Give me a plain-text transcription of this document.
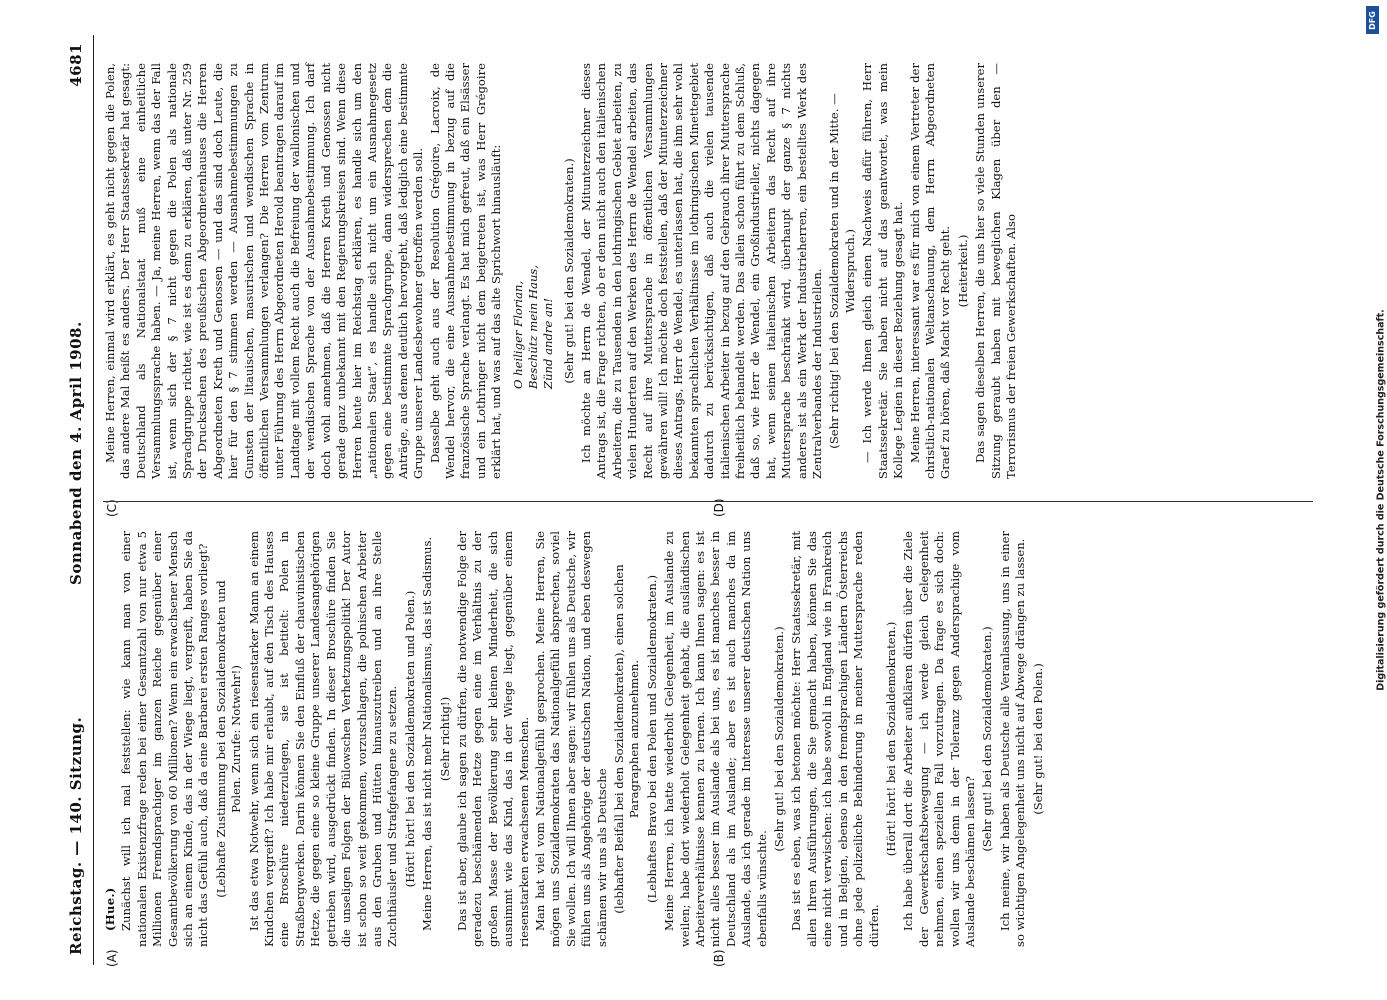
Reichstag. — 140. Sitzung.
Sonnabend den 4. April 1908.
4681
(A)	(B)
(C)	(D)

(Hue.) Zunächst will ich mal feststellen: wie kann man von einer nationalen Existenzfrage reden bei einer Gesamtzahl von nur etwa 5 Millionen Fremdsprachiger im ganzen Reiche gegenüber einer Gesamtbevölkerung von 60 Millionen? Wenn ein erwachsener Mensch sich an einem Kinde, das in der Wiege liegt, vergreift, haben Sie da nicht das Gefühl auch, daß da eine Barbarei ersten Ranges vorliegt? (Lebhafte Zustimmung bei den Sozialdemokraten und Polen. Zurufe: Notwehr!) Ist das etwa Notwehr, wenn sich ein riesenstarker Mann an einem Kindchen vergreift? Ich habe mir erlaubt, auf den Tisch des Hauses eine Broschüre niederzulegen, sie ist betitelt: Polen in Straßbergwerken. Darin können Sie den Einfluß der chauvinistischen Hetze, die gegen eine so kleine Gruppe unserer Landesangehörigen getrieben wird, ausgedrückt finden. In dieser Broschüre finden Sie die unseligen Folgen der Bülowschen Verhetzungspolitik! Der Autor ist schon so weit gekommen, vorzuschlagen, die polnischen Arbeiter aus den Gruben und Hütten hinauszutreiben und an ihre Stelle Zuchthäusler und Strafgefangene zu setzen. (Hört! hört! bei den Sozialdemokraten und Polen.) Meine Herren, das ist nicht mehr Nationalismus, das ist Sadismus. (Sehr richtig!) Das ist aber, glaube ich sagen zu dürfen, die notwendige Folge der geradezu beschämenden Hetze gegen eine im Verhältnis zu der großen Masse der Bevölkerung sehr kleinen Minderheit, die sich ausnimmt wie das Kind, das in der Wiege liegt, gegenüber einem riesenstarken erwachsenen Menschen. Man hat viel vom Nationalgefühl gesprochen. Meine Herren, Sie mögen uns Sozialdemokraten das Nationalgefühl absprechen, soviel Sie wollen. Ich will Ihnen aber sagen: wir fühlen uns als Deutsche, wir fühlen uns als Angehörige der deutschen Nation, und eben deswegen schämen wir uns als Deutsche (lebhafter Beifall bei den Sozialdemokraten), einen solchen Paragraphen anzunehmen. (Lebhaftes Bravo bei den Polen und Sozialdemokraten.) Meine Herren, ich hatte wiederholt Gelegenheit, im Auslande zu weilen; habe dort wiederholt Gelegenheit gehabt, die ausländischen Arbeiterverhältnisse kennen zu lernen. Ich kann Ihnen sagen: es ist nicht alles besser im Auslande als bei uns, es ist manches besser in Deutschland als im Auslande; aber es ist auch manches da im Auslande, das ich gerade im Interesse unserer deutschen Nation uns ebenfalls wünschte.

(Sehr gut! bei den Sozialdemokraten.) Das ist es eben, was ich betonen möchte: Herr Staatssekretär, mit allen Ihren Ausführungen, die Sie gemacht haben, können Sie das eine nicht verwischen: ich habe sowohl in England wie in Frankreich und in Belgien, ebenso in den fremdsprachigen Ländern Österreichs ohne jede polizeiliche Behinderung in meiner Muttersprache reden dürfen.

(Hört! hört! bei den Sozialdemokraten.) Ich habe überall dort die Arbeiter aufklären dürfen über die Ziele der Gewerkschaftsbewegung — ich werde gleich Gelegenheit nehmen, einen speziellen Fall vorzutragen. Da frage es sich doch: wollen wir uns denn in der Toleranz gegen Andersprachige vom Auslande beschämen lassen?

(Sehr gut! bei den Sozialdemokraten.) Ich meine, wir haben als Deutsche alle Veranlassung, uns in einer so wichtigen Angelegenheit uns nicht auf Abwege drängen zu lassen. (Sehr gut! bei den Polen.)

Meine Herren, einmal wird erklärt, es geht nicht gegen die Polen, das andere Mal heißt es anders. Der Herr Staatssekretär hat gesagt: Deutschland als Nationalstaat muß eine einheitliche Versammlungssprache haben. — Ja, meine Herren, wenn das der Fall ist, wenn sich der § 7 nicht gegen die Polen als nationale Sprachgruppe richtet, wie ist es denn zu erklären, daß unter Nr. 259 der Drucksachen des preußischen Abgeordnetenhauses die Herren Abgeordneten Kreth und Genossen — und das sind doch Leute, die hier für den § 7 stimmen werden — Ausnahmebestimmungen zu Gunsten der litauischen, masurischen und wendischen Sprache in öffentlichen Versammlungen verlangen? Die Herren vom Zentrum unter Führung des Herrn Abgeordneten Herold beantragen darauf im Landtage mit vollem Recht auch die Befreiung der wallonischen und der wendischen Sprache von der Ausnahmebestimmung. Ich darf doch wohl annehmen, daß die Herren Kreth und Genossen nicht gerade ganz unbekannt mit den Regierungskreisen sind. Wenn diese Herren heute hier im Reichstag erklären, es handle sich um den „nationalen Staat“, es handle sich nicht um ein Ausnahmegesetz gegen eine bestimmte Sprachgruppe, dann widersprechen dem die Anträge, aus denen deutlich hervorgeht, daß lediglich eine bestimmte Gruppe unserer Landesbewohner getroffen werden soll. Dasselbe geht auch aus der Resolution Grégoire, Lacroix, de Wendel hervor, die eine Ausnahmebestimmung in bezug auf die französische Sprache verlangt. Es hat mich gefreut, daß ein Elsässer und ein Lothringer nicht dem beigetreten ist, was Herr Grégoire erklärt hat, und was auf das alte Sprichwort hinausläuft: O heiliger Florian, Beschütz mein Haus, Zünd andre an! (Sehr gut! bei den Sozialdemokraten.) Ich möchte an Herrn de Wendel, der Mitunterzeichner dieses Antrags ist, die Frage richten, ob er denn nicht auch den italienischen Arbeitern, die zu Tausenden in den lothringischen Gebiet arbeiten, zu vielen Hunderten auf den Werken des Herrn de Wendel arbeiten, das Recht auf ihre Muttersprache in öffentlichen Versammlungen gewähren will! Ich möchte doch feststellen, daß der Mitunterzeichner dieses Antrags, Herr de Wendel, es unterlassen hat, die ihm sehr wohl bekannten sprachlichen Verhältnisse im lothringischen Minettegebiet dadurch zu berücksichtigen, daß auch die vielen tausende italienischen Arbeiter in bezug auf den Gebrauch ihrer Muttersprache freiheitlich behandelt werden. Das allein schon führt zu dem Schluß, daß so, wie Herr de Wendel, ein Großindustrieller, nichts dagegen hat, wenn seinen italienischen Arbeitern das Recht auf ihre Muttersprache beschränkt wird, überhaupt der ganze § 7 nichts anderes ist als ein Werk der Industrieherren, ein bestelltes Werk des Zentralverbandes der Industriellen. (Sehr richtig! bei den Sozialdemokraten und in der Mitte. — Widerspruch.) — Ich werde Ihnen gleich einen Nachweis dafür führen, Herr Staatssekretär. Sie haben nicht auf das geantwortet, was mein Kollege Legien in dieser Beziehung gesagt hat. Meine Herren, interessant war es für mich von einem Vertreter der christlich-nationalen Weltanschauung, dem Herrn Abgeordneten Graef zu hören, daß Macht vor Recht geht. (Heiterkeit.) Das sagen dieselben Herren, die uns hier so viele Stunden unserer Sitzung geraubt haben mit beweglichen Klagen über den — Terrorismus der freien Gewerkschaften. Also

DFG
Digitalisierung gefördert durch die Deutsche Forschungsgemeinschaft.
